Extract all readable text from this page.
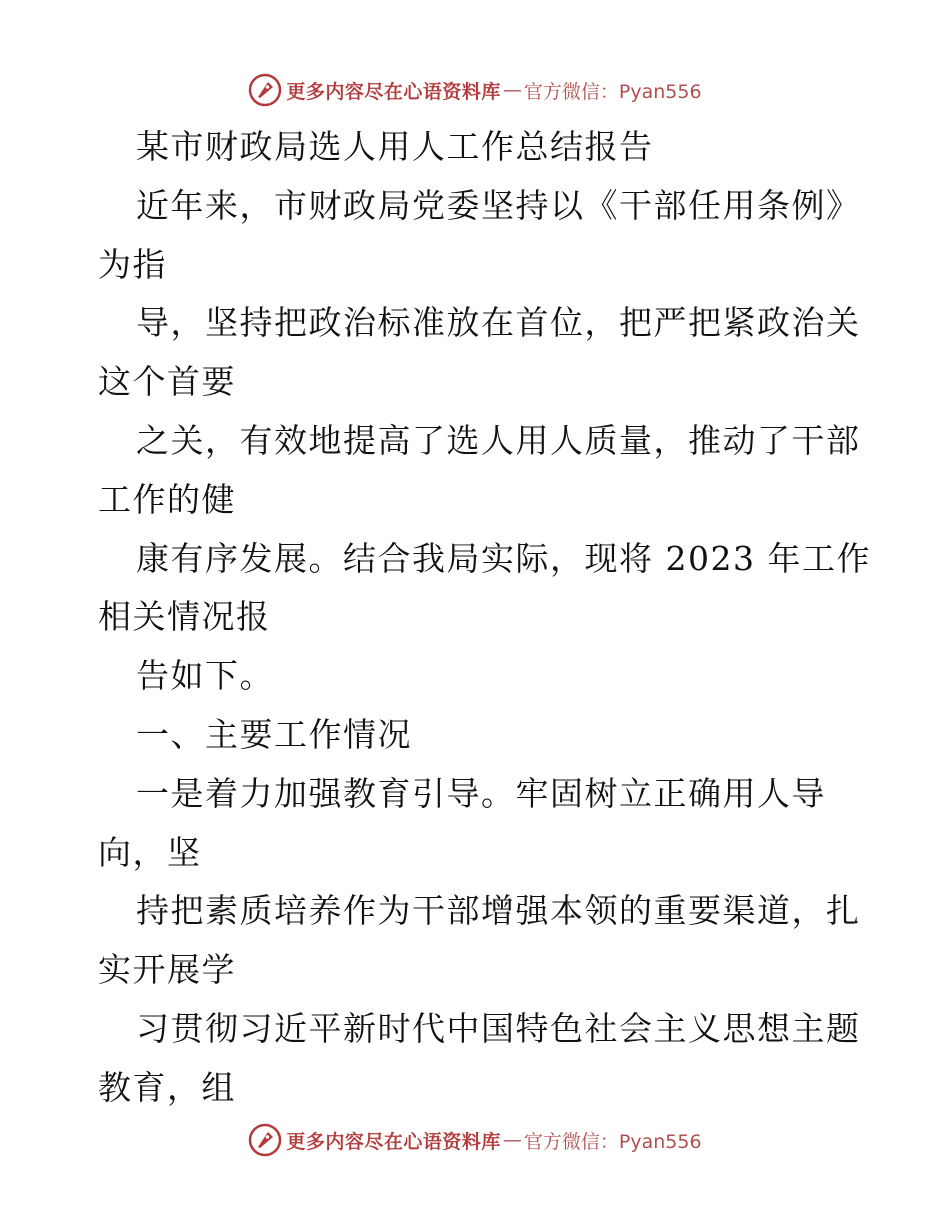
更多内容尽在心语资料库 — 官方微信：Pyan556
某市财政局选人用人工作总结报告
近年来，市财政局党委坚持以《干部任用条例》
为指
导，坚持把政治标准放在首位，把严把紧政治关
这个首要
之关，有效地提高了选人用人质量，推动了干部
工作的健
康有序发展。结合我局实际，现将 2023 年工作
相关情况报
告如下。
一、主要工作情况
一是着力加强教育引导。牢固树立正确用人导
向，坚
持把素质培养作为干部增强本领的重要渠道，扎
实开展学
习贯彻习近平新时代中国特色社会主义思想主题
教育，组
更多内容尽在心语资料库 — 官方微信：Pyan556
